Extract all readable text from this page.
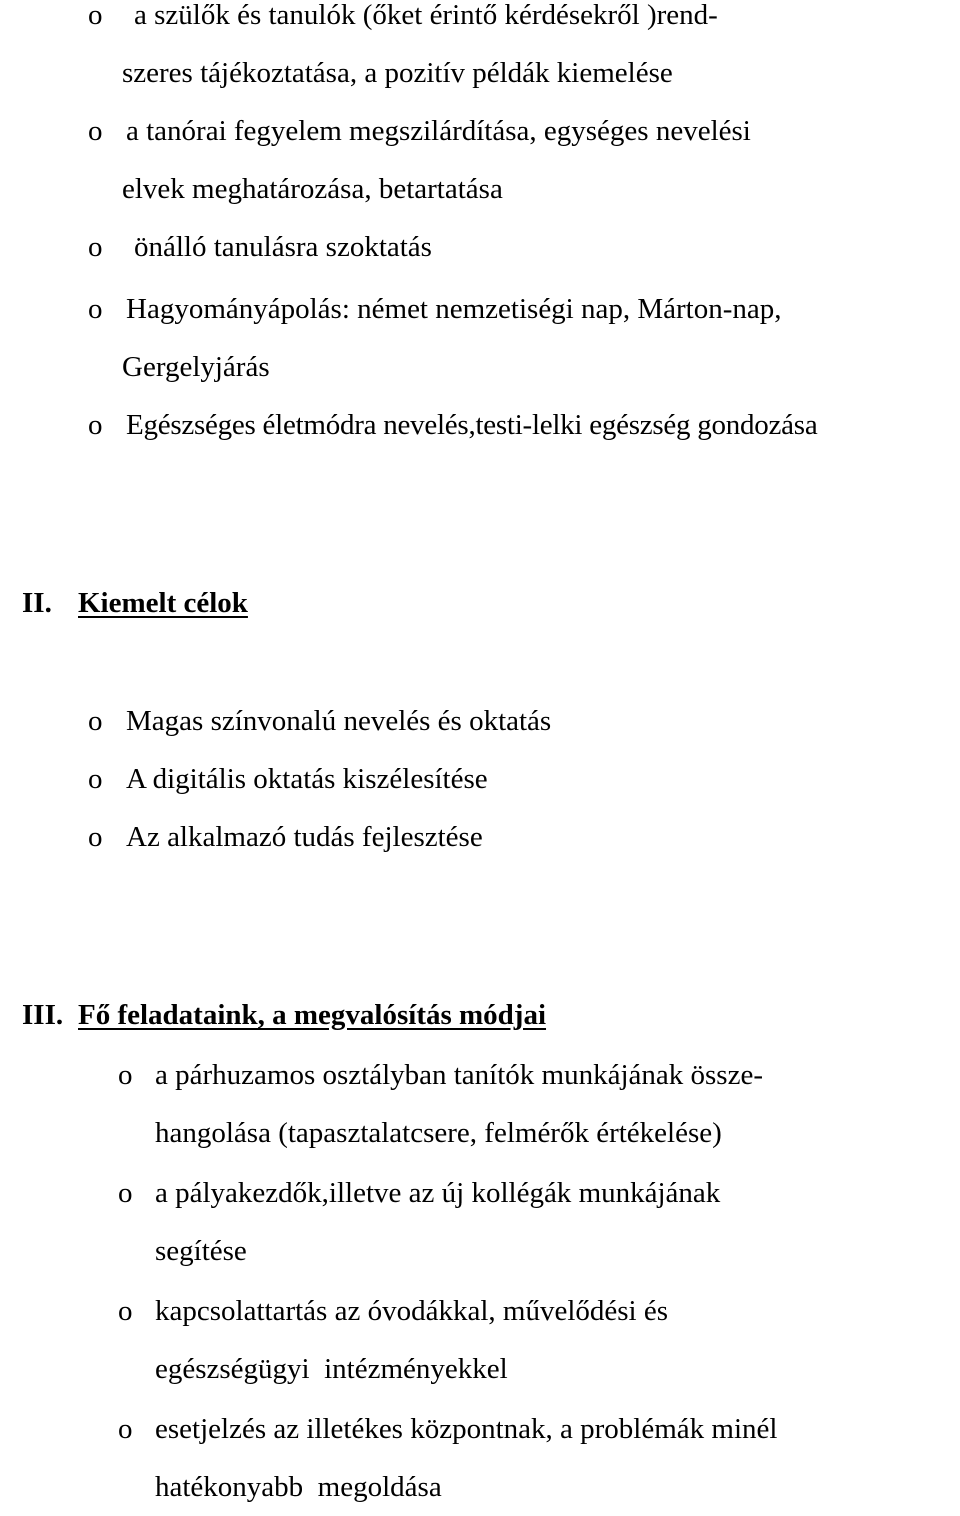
o a szülők és tanulók (őket érintő kérdésekről )rend-
szeres tájékoztatása, a pozitív példák kiemelése
o a tanórai fegyelem megszilárdítása, egységes nevelési
elvek meghatározása, betartatása
o önálló tanulásra szoktatás
o Hagyományápolás: német nemzetiségi nap, Márton-nap,
Gergelyjárás
o Egészséges életmódra nevelés,testi-lelki egészség gondozása
II. Kiemelt célok
o Magas színvonalú nevelés és oktatás
o A digitális oktatás kiszélesítése
o Az alkalmazó tudás fejlesztése
III. Fő feladataink, a megvalósítás módjai
o a párhuzamos osztályban tanítók munkájának össze-
hangolása (tapasztalatcsere, felmérők értékelése)
o a pályakezdők,illetve az új kollégák munkájának
segítése
o kapcsolattartás az óvodákkal, művelődési és
egészségügyi  intézményekkel
o esetjelzés az illetékes központnak, a problémák minél
hatékonyabb  megoldása
